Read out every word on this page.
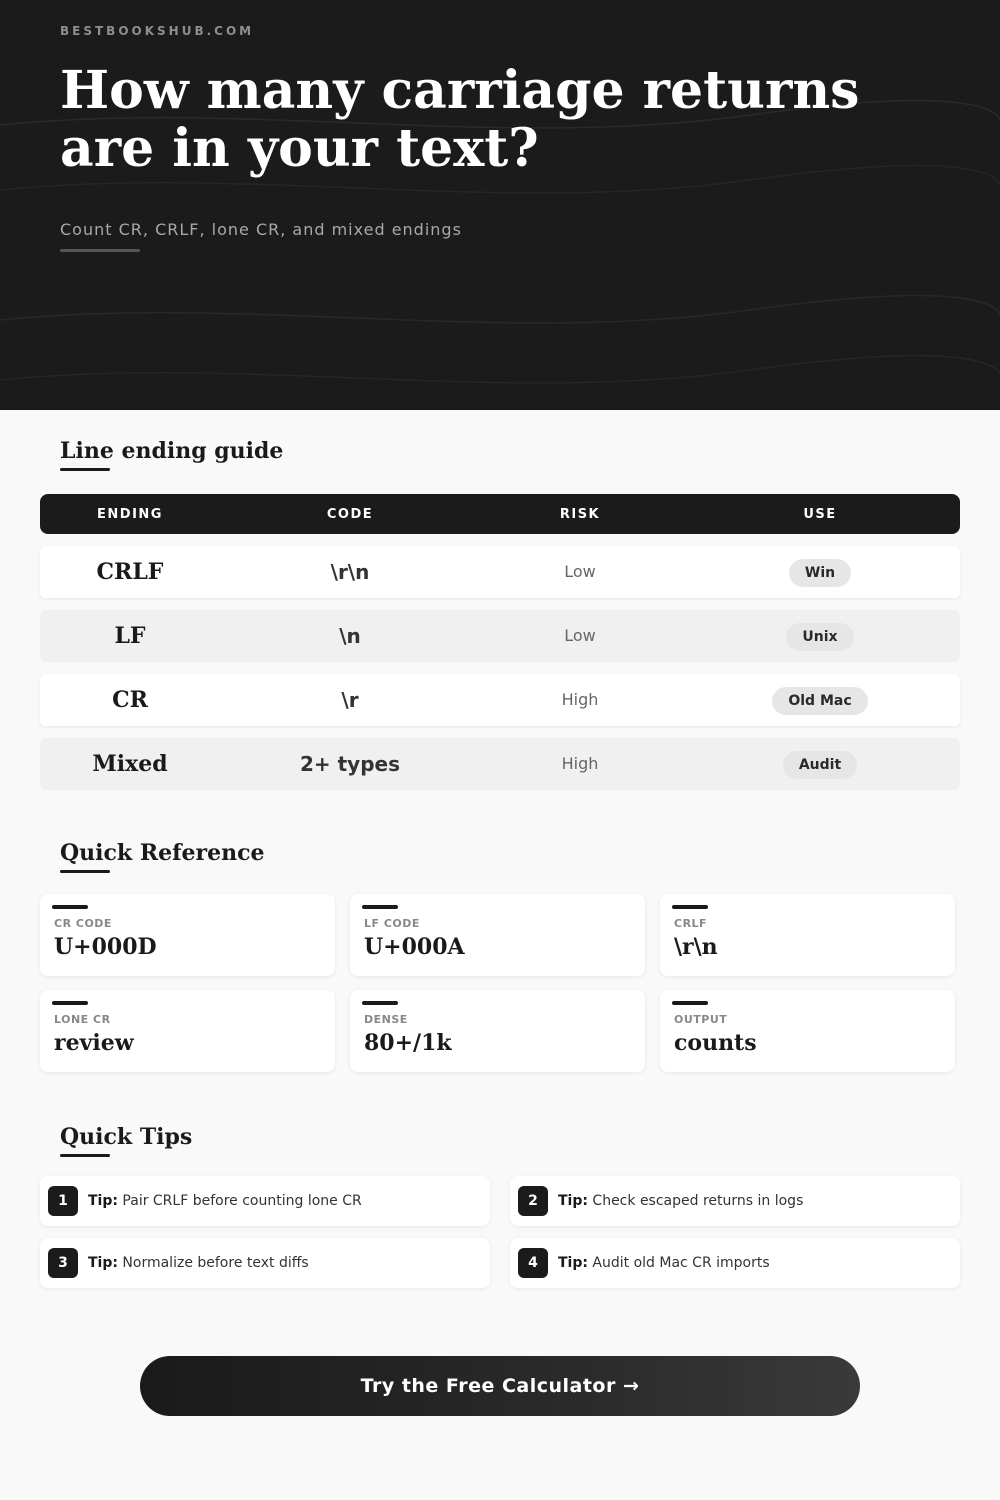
BESTBOOKSHUB.COM
How many carriage returns are in your text?
Count CR, CRLF, lone CR, and mixed endings
Line ending guide
ENDING	CODE	RISK	USE
CRLF	\r\n	Low	Win
LF	\n	Low	Unix
CR	\r	High	Old Mac
Mixed	2+ types	High	Audit
Quick Reference
CR CODE
U+000D
LF CODE
U+000A
CRLF
\r\n
LONE CR
review
DENSE
80+/1k
OUTPUT
counts
Quick Tips
1	Tip: Pair CRLF before counting lone CR	2	Tip: Check escaped returns in logs
3	Tip: Normalize before text diffs	4	Tip: Audit old Mac CR imports
Try the Free Calculator →
